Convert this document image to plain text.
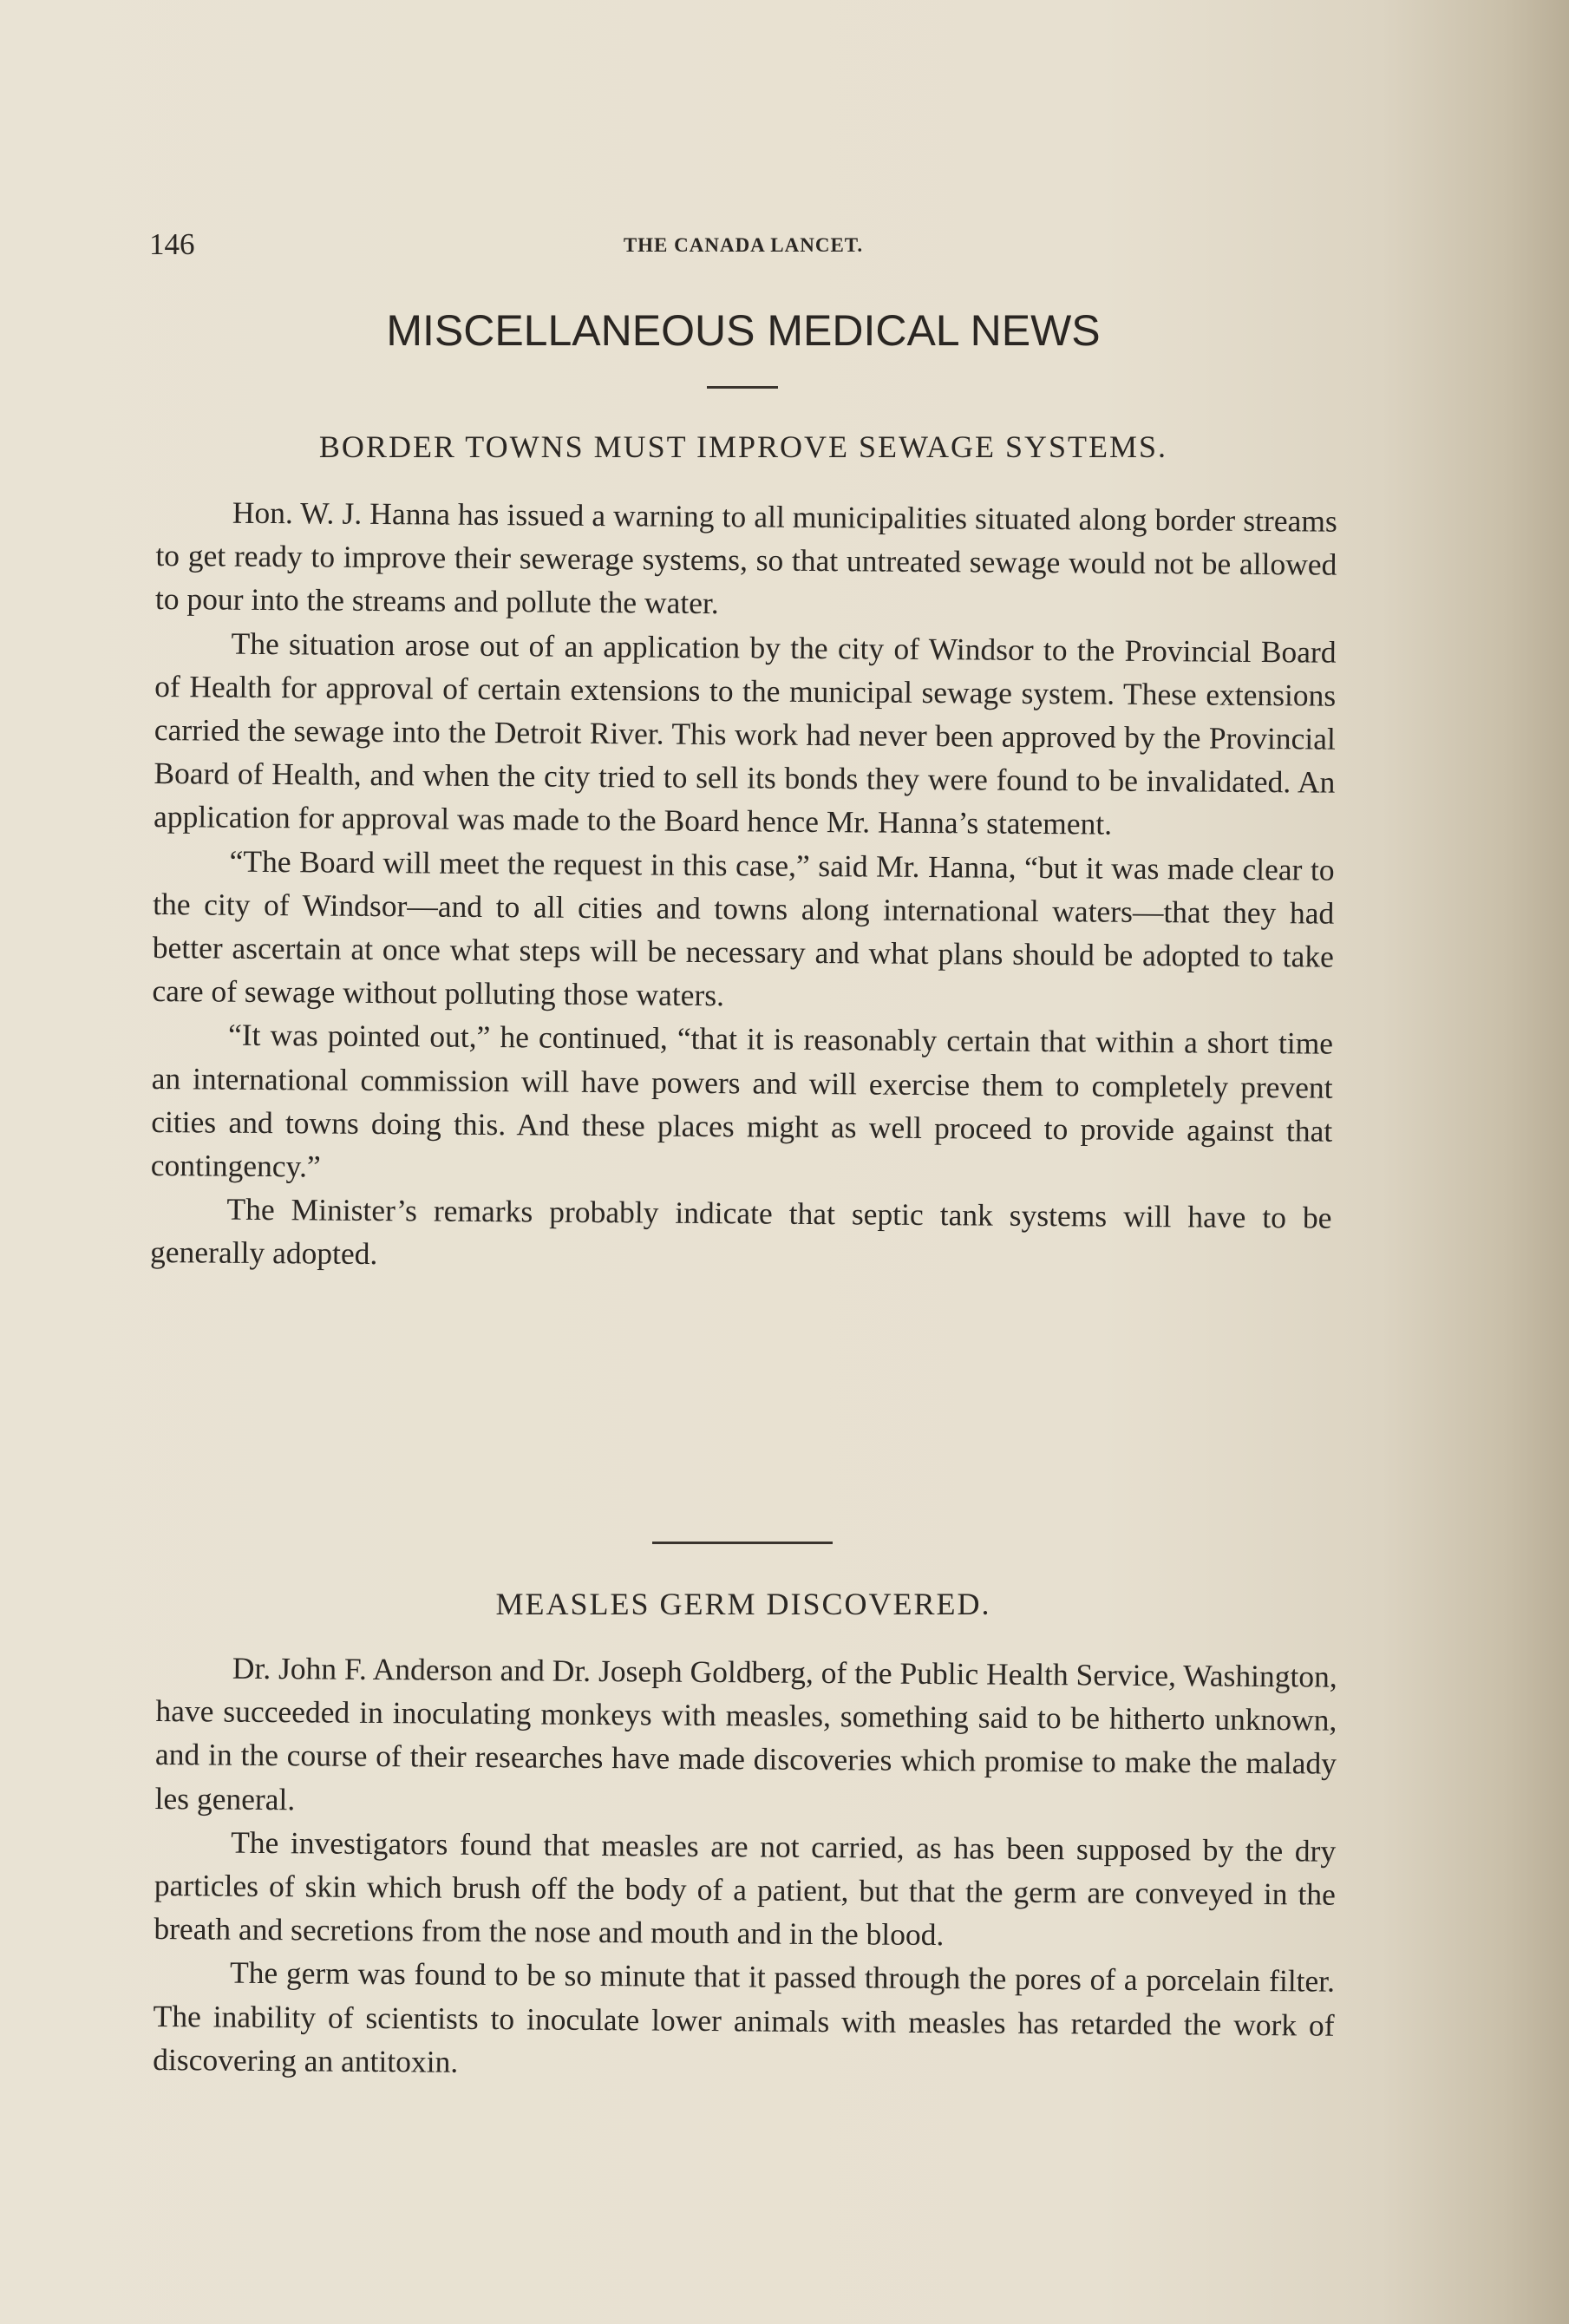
146	THE CANADA LANCET.
MISCELLANEOUS MEDICAL NEWS
BORDER TOWNS MUST IMPROVE SEWAGE SYSTEMS.

Hon. W. J. Hanna has issued a warning to all municipalities situated along border streams to get ready to improve their sewerage systems, so that untreated sewage would not be allowed to pour into the streams and pollute the water.

The situation arose out of an application by the city of Windsor to the Provincial Board of Health for approval of certain extensions to the municipal sewage system. These extensions carried the sewage into the Detroit River. This work had never been approved by the Provincial Board of Health, and when the city tried to sell its bonds they were found to be invalidated. An application for approval was made to the Board hence Mr. Hanna’s statement.

“The Board will meet the request in this case,” said Mr. Hanna, “but it was made clear to the city of Windsor—and to all cities and towns along international waters—that they had better ascertain at once what steps will be necessary and what plans should be adopted to take care of sewage without polluting those waters.

“It was pointed out,” he continued, “that it is reasonably certain that within a short time an international commission will have powers and will exercise them to completely prevent cities and towns doing this. And these places might as well proceed to provide against that contingency.”

The Minister’s remarks probably indicate that septic tank systems will have to be generally adopted.

MEASLES GERM DISCOVERED.

Dr. John F. Anderson and Dr. Joseph Goldberg, of the Public Health Service, Washington, have succeeded in inoculating monkeys with measles, something said to be hitherto unknown, and in the course of their researches have made discoveries which promise to make the malady les general.

The investigators found that measles are not carried, as has been supposed by the dry particles of skin which brush off the body of a patient, but that the germ are conveyed in the breath and secretions from the nose and mouth and in the blood.

The germ was found to be so minute that it passed through the pores of a porcelain filter. The inability of scientists to inoculate lower animals with measles has retarded the work of discovering an antitoxin.
